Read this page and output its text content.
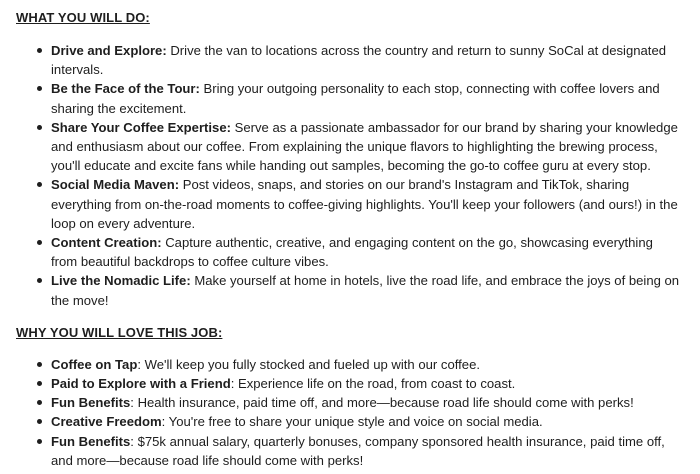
WHAT YOU WILL DO:
Drive and Explore: Drive the van to locations across the country and return to sunny SoCal at designated intervals.
Be the Face of the Tour: Bring your outgoing personality to each stop, connecting with coffee lovers and sharing the excitement.
Share Your Coffee Expertise: Serve as a passionate ambassador for our brand by sharing your knowledge and enthusiasm about our coffee. From explaining the unique flavors to highlighting the brewing process, you'll educate and excite fans while handing out samples, becoming the go-to coffee guru at every stop.
Social Media Maven: Post videos, snaps, and stories on our brand's Instagram and TikTok, sharing everything from on-the-road moments to coffee-giving highlights. You'll keep your followers (and ours!) in the loop on every adventure.
Content Creation: Capture authentic, creative, and engaging content on the go, showcasing everything from beautiful backdrops to coffee culture vibes.
Live the Nomadic Life: Make yourself at home in hotels, live the road life, and embrace the joys of being on the move!
WHY YOU WILL LOVE THIS JOB:
Coffee on Tap: We'll keep you fully stocked and fueled up with our coffee.
Paid to Explore with a Friend: Experience life on the road, from coast to coast.
Fun Benefits: Health insurance, paid time off, and more—because road life should come with perks!
Creative Freedom: You're free to share your unique style and voice on social media.
Fun Benefits: $75k annual salary, quarterly bonuses, company sponsored health insurance, paid time off, and more—because road life should come with perks!
